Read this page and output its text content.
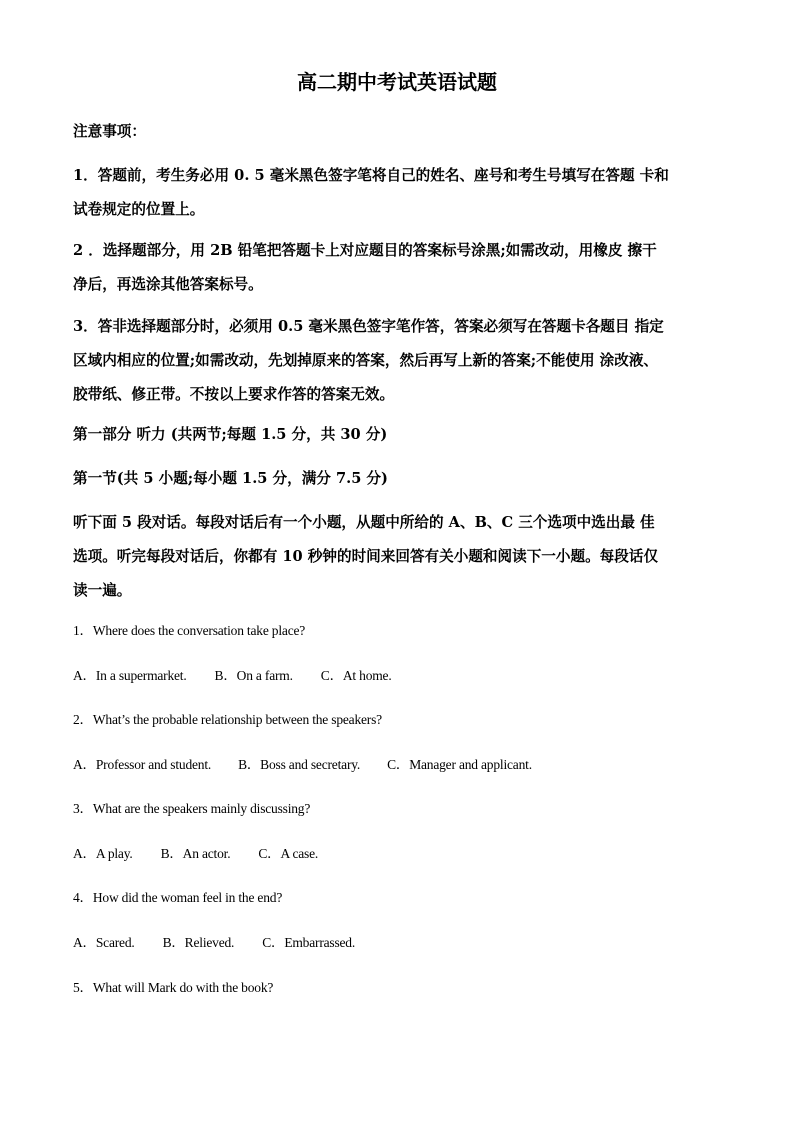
高二期中考试英语试题
注意事项：
1．答题前，考生务必用 0. 5 毫米黑色签字笔将自己的姓名、座号和考生号填写在答题 卡和
试卷规定的位置上。
2 ．选择题部分，用 2B 铅笔把答题卡上对应题目的答案标号涂黑;如需改动，用橡皮 擦干
净后，再选涂其他答案标号。
3．答非选择题部分时，必须用 0.5 毫米黑色签字笔作答，答案必须写在答题卡各题目 指定
区域内相应的位置;如需改动，先划掉原来的答案，然后再写上新的答案;不能使用 涂改液、
胶带纸、修正带。不按以上要求作答的答案无效。
第一部分 听力 (共两节;每题 1.5 分，共 30 分)
第一节(共 5 小题;每小题 1.5 分，满分 7.5 分)
听下面 5 段对话。每段对话后有一个小题，从题中所给的 A、B、C 三个选项中选出最 佳
选项。听完每段对话后，你都有 10 秒钟的时间来回答有关小题和阅读下一小题。每段话仅
读一遍。
1．Where does the conversation take place?
A．In a supermarket. B．On a farm. C．At home.
2．What’s the probable relationship between the speakers?
A．Professor and student. B．Boss and secretary. C．Manager and applicant.
3．What are the speakers mainly discussing?
A．A play. B．An actor. C．A case.
4．How did the woman feel in the end?
A．Scared. B．Relieved. C．Embarrassed.
5．What will Mark do with the book?
